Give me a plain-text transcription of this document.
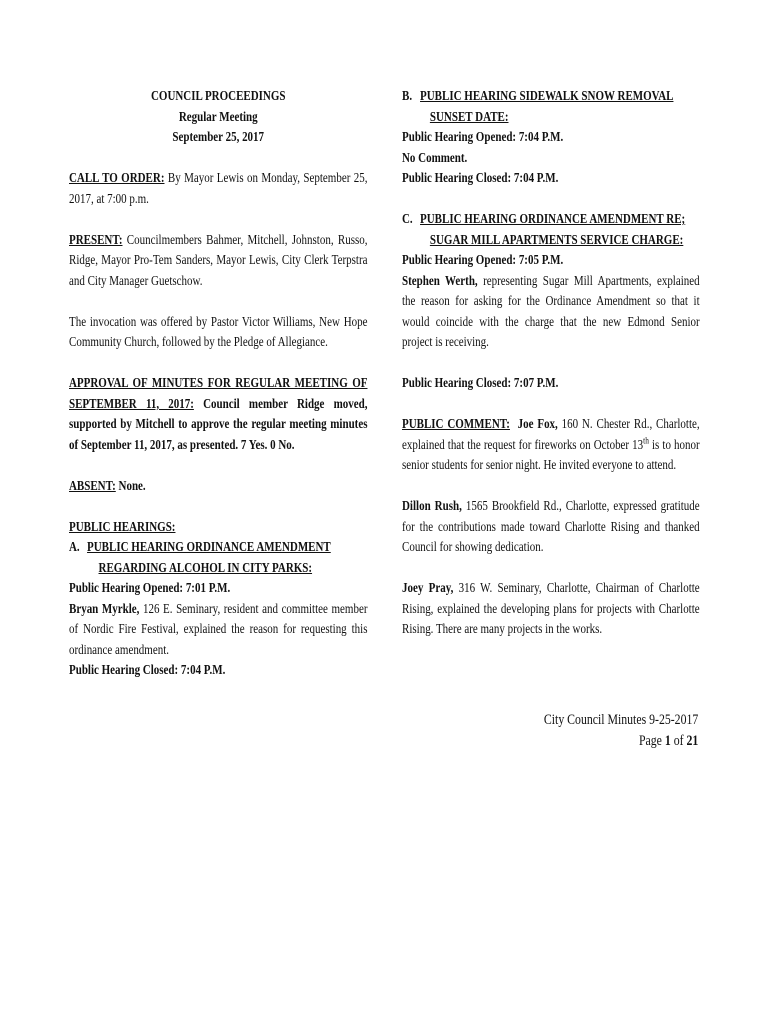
COUNCIL PROCEEDINGS

Regular Meeting

September 25, 2017

CALL TO ORDER: By Mayor Lewis on Monday, September 25, 2017, at 7:00 p.m.

PRESENT: Councilmembers Bahmer, Mitchell, Johnston, Russo, Ridge, Mayor Pro-Tem Sanders, Mayor Lewis, City Clerk Terpstra and City Manager Guetschow.

The invocation was offered by Pastor Victor Williams, New Hope Community Church, followed by the Pledge of Allegiance.

APPROVAL OF MINUTES FOR REGULAR MEETING OF SEPTEMBER 11, 2017: Council member Ridge moved, supported by Mitchell to approve the regular meeting minutes of September 11, 2017, as presented. 7 Yes. 0 No.

ABSENT: None.

PUBLIC HEARINGS:

A. PUBLIC HEARING ORDINANCE AMENDMENT

REGARDING ALCOHOL IN CITY PARKS:

Public Hearing Opened: 7:01 P.M.

Bryan Myrkle, 126 E. Seminary, resident and committee member of Nordic Fire Festival, explained the reason for requesting this ordinance amendment.

Public Hearing Closed: 7:04 P.M.

B. PUBLIC HEARING SIDEWALK SNOW REMOVAL

SUNSET DATE:

Public Hearing Opened: 7:04 P.M.

No Comment.

Public Hearing Closed: 7:04 P.M.

C. PUBLIC HEARING ORDINANCE AMENDMENT RE;

SUGAR MILL APARTMENTS SERVICE CHARGE:

Public Hearing Opened: 7:05 P.M.

Stephen Werth, representing Sugar Mill Apartments, explained the reason for asking for the Ordinance Amendment so that it would coincide with the charge that the new Edmond Senior project is receiving.

Public Hearing Closed: 7:07 P.M.

PUBLIC COMMENT: Joe Fox, 160 N. Chester Rd., Charlotte, explained that the request for fireworks on October 13th is to honor senior students for senior night. He invited everyone to attend.

Dillon Rush, 1565 Brookfield Rd., Charlotte, expressed gratitude for the contributions made toward Charlotte Rising and thanked Council for showing dedication.

Joey Pray, 316 W. Seminary, Charlotte, Chairman of Charlotte Rising, explained the developing plans for projects with Charlotte Rising. There are many projects in the works.

City Council Minutes 9-25-2017
Page 1 of 21
